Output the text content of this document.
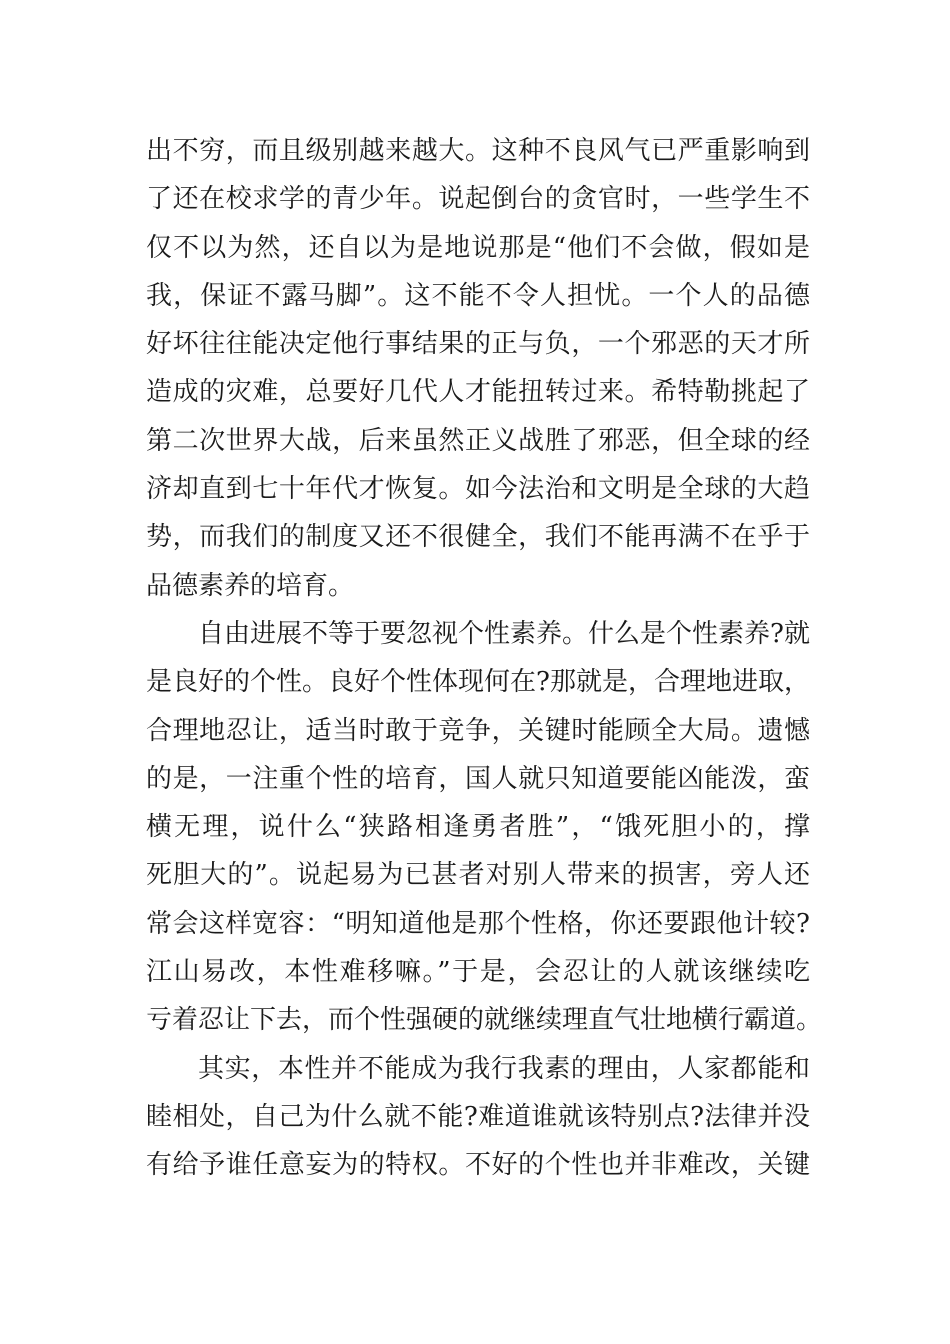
出不穷，而且级别越来越大。这种不良风气已严重影响到
了还在校求学的青少年。说起倒台的贪官时，一些学生不
仅不以为然，还自以为是地说那是“他们不会做，假如是
我，保证不露马脚”。这不能不令人担忧。一个人的品德
好坏往往能决定他行事结果的正与负，一个邪恶的天才所
造成的灾难，总要好几代人才能扭转过来。希特勒挑起了
第二次世界大战，后来虽然正义战胜了邪恶，但全球的经
济却直到七十年代才恢复。如今法治和文明是全球的大趋
势，而我们的制度又还不很健全，我们不能再满不在乎于
品德素养的培育。
自由进展不等于要忽视个性素养。什么是个性素养?就
是良好的个性。良好个性体现何在?那就是，合理地进取，
合理地忍让，适当时敢于竞争，关键时能顾全大局。遗憾
的是，一注重个性的培育，国人就只知道要能凶能泼，蛮
横无理，说什么“狭路相逢勇者胜”，“饿死胆小的，撑
死胆大的”。说起易为已甚者对别人带来的损害，旁人还
常会这样宽容：“明知道他是那个性格，你还要跟他计较?
江山易改，本性难移嘛。”于是，会忍让的人就该继续吃
亏着忍让下去，而个性强硬的就继续理直气壮地横行霸道。
其实，本性并不能成为我行我素的理由，人家都能和
睦相处，自己为什么就不能?难道谁就该特别点?法律并没
有给予谁任意妄为的特权。不好的个性也并非难改，关键
